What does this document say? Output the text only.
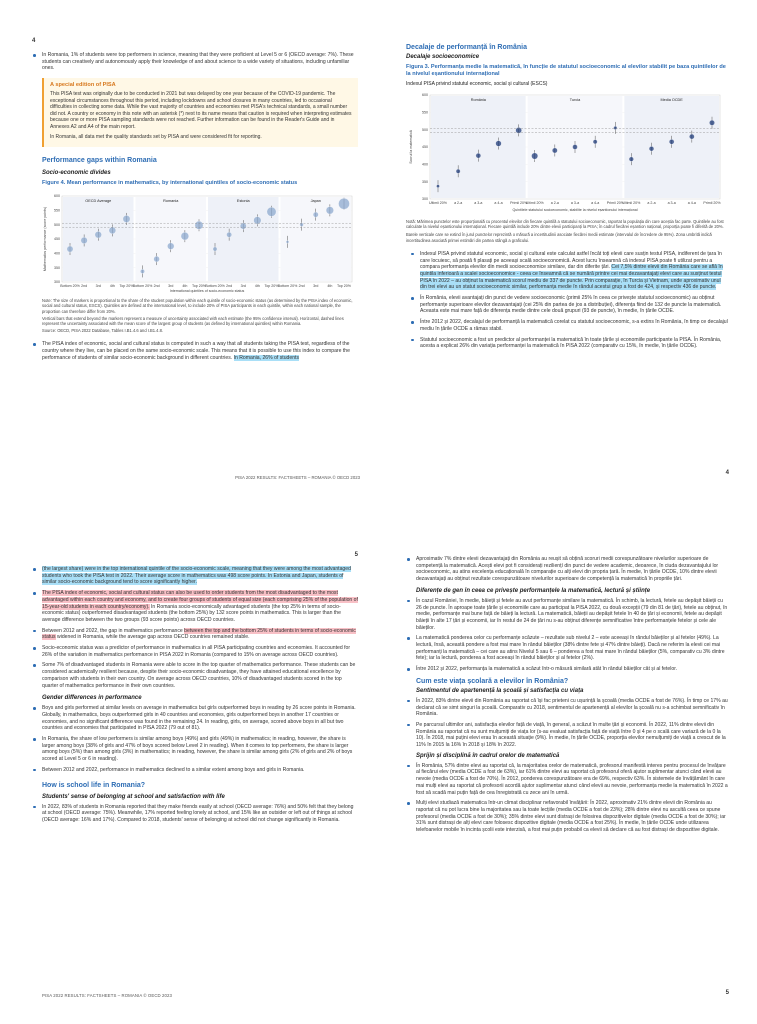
4

In Romania, 1% of students were top performers in science, meaning that they were proficient at Level 5 or 6 (OECD average: 7%). These students can creatively and autonomously apply their knowledge of and about science to a wide variety of situations, including unfamiliar ones.

A special edition of PISA

This PISA test was originally due to be conducted in 2021 but was delayed by one year because of the COVID-19 pandemic. The exceptional circumstances throughout this period, including lockdowns and school closures in many countries, led to occasional difficulties in collecting some data. While the vast majority of countries and economies met PISA's technical standards, a small number did not. A country or economy in this note with an asterisk (*) next to its name means that caution is required when interpreting estimates because one or more PISA sampling standards were not reached. Further information can be found in the Reader's Guide and in Annexes A2 and A4 of the main report.

In Romania, all data met the quality standards set by PISA and were considered fit for reporting.

Performance gaps within Romania
Socio-economic divides
Figure 4. Mean performance in mathematics, by international quintiles of socio-economic status
300
350
400
450
500
550
600
Mathematics performance (score points)
International quintiles of socio-economic status
OECD Average
Bottom 20% 2nd 3rd	4th Top 20%
Romania
Bottom 20% 2nd 3rd	4th Top 20%
Estonia
Bottom 20% 2nd 3rd	4th Top 20%
Japan
Bottom 20% 2nd 3rd	4th Top 20%

Note: The size of markers is proportional to the share of the student population within each quintile of socio-economic status (as determined by the PISA index of economic, social and cultural status, ESCS). Quintiles are defined at the international level, to include 20% of PISA participants in each quintile, within each national sample, the proportion can therefore differ from 20%.

Vertical bars that extend beyond the markers represent a measure of uncertainty associated with each estimate (the 95% confidence interval). Horizontal, dashed lines represent the uncertainty associated with the mean score of the largest group of students (as defined by international quintiles) within Romania.

Source: OECD, PISA 2022 Database, Tables I.B1.4.6 and I.B1.4.8.

The PISA index of economic, social and cultural status is computed in such a way that all students taking the PISA test, regardless of the country where they live, can be placed on the same socio-economic scale. This means that it is possible to use this index to compare the performance of students of similar socio-economic background in different countries. In Romania, 26% of students

PISA 2022 RESULTS: FACTSHEETS – ROMANIA © OECD 2023
Decalaje de performanță în România
Decalaje socioeconomice
Figura 3. Performanța medie la matematică, în funcție de statutul socioeconomic al elevilor stabilit pe baza quintilelor de la nivelul eșantionului internațional
Indexul PISA privind statutul economic, social și cultural (ESCS)
300
350
400
450
500
550
600
Scorul la matematică
Quintilele statutului socioeconomic, stabilite la nivelul eșantionului internațional
România
Ultimii 20% a 2-a	a 3-a	a 4-a Primii 20%
Turcia
Ultimii 20% a 2-a	a 3-a	a 4-a Primii 20%
Media OCDE
Ultimii 20% a 2-a	a 3-a	a 4-a Primii 20%

Notă: Mărimea punctelor este proporțională cu procentul elevilor din fiecare quintilă a statutului socioeconomic, raportat la populația din care aceștia fac parte. Quintilele au fost calculate la nivelul eșantionului internațional. Fiecare quintilă include 20% dintre elevii participanți la PISA; în cadrul fiecărei eșantion național, proporția poate fi diferită de 20%.

Barele verticale care se extind în jurul punctelor reprezintă o măsură a incertitudinii asociate fiecărei medii estimate (intervalul de încredere de 95%). Zona umbrită indică incertitudinea asociată primei estimări din partea stângă a graficului.

Indexul PISA privind statutul economic, social și cultural este calculat astfel încât toți elevii care susțin testul PISA, indiferent de țara în care locuiesc, să poată fi plasați pe aceeași scală socioeconomică. Acest lucru înseamnă că indexul PISA poate fi utilizat pentru a compara performanța elevilor din medii socioeconomice similare, dar din diferite țări. Cei 7,5% dintre elevii din România care se află în quintila inferioară a scalei socioeconomice - ceea ce înseamnă că se numără printre cei mai dezavantajați elevi care au susținut testul PISA în 2022 – au obținut la matematică scorul mediu de 337 de puncte. Prin comparație, în Turcia și Vietnam, unde aproximativ unul din trei elevi au un statut socioeconomic similar, performanța medie în rândul acestui grup a fost de 424, și respectiv 436 de puncte.

În România, elevii avantajați din punct de vedere socioeconomic (primii 25% în ceea ce privește statutul socioeconomic) au obținut performanțe superioare elevilor dezavantajați (cei 25% din partea de jos a distribuției), diferența fiind de 132 de puncte la matematică. Aceasta este mai mare față de diferența medie dintre cele două grupuri (93 de puncte), în medie, în țările OCDE.

Între 2012 și 2022, decalajul de performanță la matematică corelat cu statutul socioeconomic, s-a extins în România, în timp ce decalajul mediu în țările OCDE a rămas stabil.

Statutul socioeconomic a fost un predictor al performanței la matematică în toate țările și economiile participante la PISA. În România, acesta a explicat 26% din variația performanței la matematică în PISA 2022 (comparativ cu 15%, în medie, în țările OCDE).

4
5

(the largest share) were in the top international quintile of the socio-economic scale, meaning that they were among the most advantaged students who took the PISA test in 2022. Their average score in mathematics was 498 score points. In Estonia and Japan, students of similar socio-economic background tend to score significantly higher.

The PISA index of economic, social and cultural status can also be used to order students from the most disadvantaged to the most advantaged within each country and economy, and to create four groups of students of equal size (each comprising 25% of the population of 15-year-old students in each country/economy). In Romania socio-economically advantaged students (the top 25% in terms of socio-economic status) outperformed disadvantaged students (the bottom 25%) by 132 score points in mathematics. This is larger than the average difference between the two groups (93 score points) across OECD countries.

Between 2012 and 2022, the gap in mathematics performance between the top and the bottom 25% of students in terms of socio-economic status widened in Romania, while the average gap across OECD countries remained stable.

Socio-economic status was a predictor of performance in mathematics in all PISA participating countries and economies. It accounted for 26% of the variation in mathematics performance in PISA 2022 in Romania (compared to 15% on average across OECD countries).

Some 7% of disadvantaged students in Romania were able to score in the top quarter of mathematics performance. These students can be considered academically resilient because, despite their socio-economic disadvantage, they have attained educational excellence by comparison with students in their own country. On average across OECD countries, 10% of disadvantaged students scored in the top quarter of mathematics performance in their own countries.

Gender differences in performance

Boys and girls performed at similar levels on average in mathematics but girls outperformed boys in reading by 26 score points in Romania. Globally, in mathematics, boys outperformed girls in 40 countries and economies, girls outperformed boys in another 17 countries or economies, and no significant difference was found in the remaining 24. In reading, girls, on average, scored above boys in all but two countries and economies that participated in PISA 2022 (79 out of 81).

In Romania, the share of low performers is similar among boys (49%) and girls (49%) in mathematics; in reading, however, the share is larger among boys (38% of girls and 47% of boys scored below Level 2 in reading). When it comes to top performers, the share is larger among boys (5%) than among girls (3%) in mathematics; in reading, however, the share is similar among girls (2% of girls and 2% of boys scored at Level 5 or 6 in reading).

Between 2012 and 2022, performance in mathematics declined to a similar extent among boys and girls in Romania.

How is school life in Romania?
Students' sense of belonging at school and satisfaction with life

In 2022, 83% of students in Romania reported that they make friends easily at school (OECD average: 76%) and 50% felt that they belong at school (OECD average: 75%). Meanwhile, 17% reported feeling lonely at school, and 15% like an outsider or left out of things at school (OECD average: 16% and 17%). Compared to 2018, students' sense of belonging at school did not change significantly in Romania.

PISA 2022 RESULTS: FACTSHEETS – ROMANIA © OECD 2023

Aproximativ 7% dintre elevii dezavantajați din România au reușit să obțină scoruri medii corespunzătoare nivelurilor superioare de competență la matematică. Acești elevi pot fi considerați reziliențí din punct de vedere academic, deoarece, în ciuda dezavantajului lor socioeconomic, au atins excelența educațională în comparație cu alți elevi din propria țară. În medie, în țările OCDE, 10% dintre elevii dezavantajați au obținut rezultate corespunzătoare nivelurilor superioare de competență la matematică în propriile țări.

Diferențe de gen în ceea ce privește performanțele la matematică, lectură și științe

În cazul României, în medie, băieții și fetele au avut performanțe similare la matematică. În schimb, la lectură, fetele au depășit băieții cu 26 de puncte. În aproape toate țările și economiile care au participat la PISA 2022, cu două excepții (79 din 81 de țări), fetele au obținut, în medie, performanțe mai bune față de băieți la lectură. La matematică, băieții au depășit fetele în 40 de țări și economii, fetele au depășit băieții în alte 17 țări și economii, iar în restul de 24 de țări nu s-au obținut diferențe semnificative între performanțele fetelor și cele ale băieților.

La matematică ponderea celor cu performanțe scăzute – rezultate sub nivelul 2 – este aceeași în rândul băieților și al fetelor (49%). La lectură, însă, această pondere a fost mai mare în rândul băieților (38% dintre fete și 47% dintre băieți). Dacă ne referim la elevii cei mai performanți la matematică – cei care au atins Nivelul 5 sau 6 – ponderea a fost mai mare în rândul băieților (5%, comparativ cu 3% dintre fete); iar la lectură, ponderea a fost aceeași în rândul băieților și al fetelor (2%).

Între 2012 și 2022, performanța la matematică a scăzut într-o măsură similară atât în rândul băieților cât și al fetelor.

Cum este viața școlară a elevilor în România?
Sentimentul de apartenență la școală și satisfacția cu viața

În 2022, 83% dintre elevii din România au raportat că își fac prieteni cu ușurință la școală (media OCDE a fost de 76%). În timp ce 17% au declarat că se simt singuri la școală. Comparativ cu 2018, sentimentul de apartenență al elevilor la școală nu s-a schimbat semnificativ în România.

Pe parcursul ultimilor ani, satisfacția elevilor față de viață, în general, a scăzut în multe țări și economii. În 2022, 11% dintre elevii din România au raportat că nu sunt mulțumiți de viața lor (s-au evaluat satisfacția față de viață între 0 și 4 pe o scală care variază de la 0 la 10). În 2018, mai puțini elevi erau în această situație (9%). În medie, în țările OCDE, proporția elevilor nemulțumiți de viață a crescut de la 11% în 2015 la 16% în 2018 și 18% în 2022.

Sprijin și disciplină în cadrul orelor de matematică

În România, 57% dintre elevi au raportat că, la majoritatea orelor de matematică, profesorul manifestă interes pentru procesul de învățare al fiecărui elev (media OCDE a fost de 63%), iar 61% dintre elevi au raportat că profesorul oferă ajutor suplimentar atunci când elevii au nevoie (media OCDE a fost de 70%). În 2012, ponderea corespunzătoare era de 69%, respectiv 63%. În sistemele de învățământ în care mai mulți elevi au raportat că profesorii acordă ajutor suplimentar atunci când elevii au nevoie, performanța medie la matematică în 2022 a fost să scadă mai puțin față de cea înregistrată cu zece ani în urmă.

Mulți elevi studiază matematica într-un climat disciplinar nefavorabil învățării: În 2022, aproximativ 21% dintre elevii din România au raportat că nu pot lucra bine la majoritatea sau la toate lecțiile (media OCDE a fost de 23%); 28% dintre elevi nu ascultă ceea ce spune profesorul (media OCDE a fost de 30%); 35% dintre elevi sunt distrași de folosirea dispozitivelor digitale (media OCDE a fost de 30%); iar 31% sunt distrași de alți elevi care folosesc dispozitive digitale (media OCDE a fost 25%). În medie, în țările OCDE unde utilizarea telefoanelor mobile în incinta școlii este interzisă, a fost mai puțin probabil ca elevii să declare că au fost distrași de dispozitive digitale.

5
